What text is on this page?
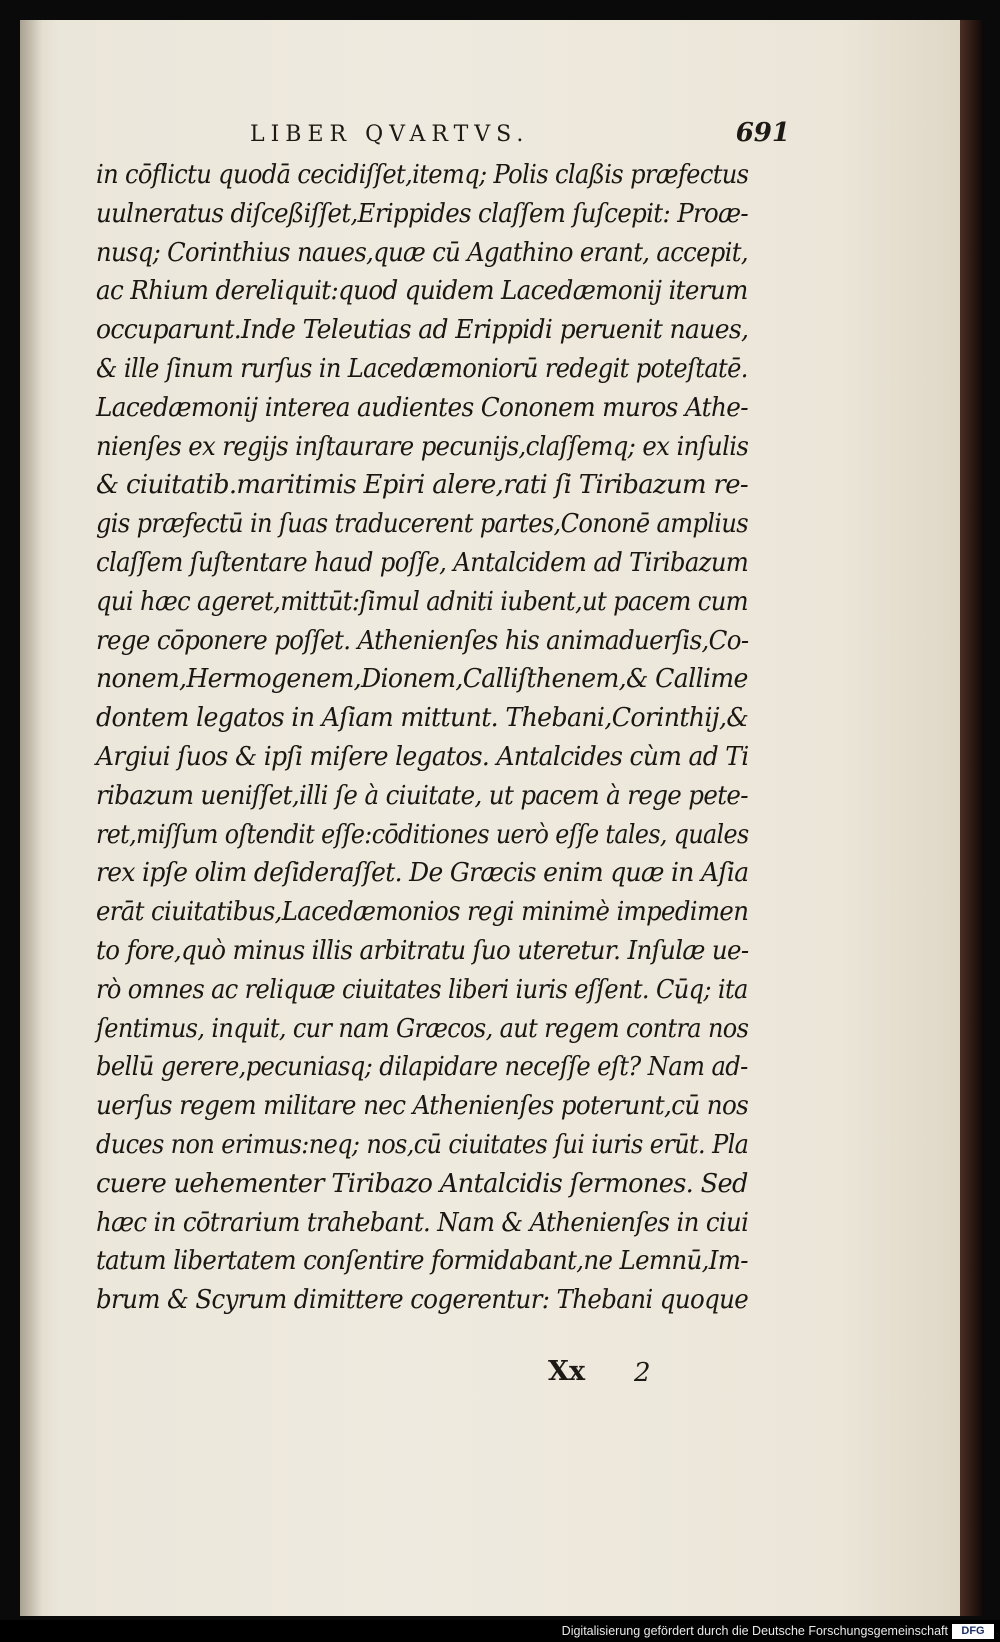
LIBER QVARTVS.	691
in cōflictu quodā cecidiſſet,itemq; Polis claßis præfectus
uulneratus diſceßiſſet,Erippides claſſem ſuſcepit: Proæ-
nusq; Corinthius naues,quæ cū Agathino erant, accepit,
ac Rhium dereliquit:quod quidem Lacedæmonij iterum
occuparunt.Inde Teleutias ad Erippidi peruenit naues,
& ille ſinum rurſus in Lacedæmoniorū redegit poteſtatē.
Lacedæmonij interea audientes Cononem muros Athe-
nienſes ex regijs inſtaurare pecunijs,claſſemq; ex inſulis
& ciuitatib.maritimis Epiri alere,rati ſi Tiribazum re-
gis præfectū in ſuas traducerent partes,Cononē amplius
claſſem ſuſtentare haud poſſe, Antalcidem ad Tiribazum
qui hæc ageret,mittūt:ſimul adniti iubent,ut pacem cum
rege cōponere poſſet. Athenienſes his animaduerſis,Co-
nonem,Hermogenem,Dionem,Calliſthenem,& Callime
dontem legatos in Aſiam mittunt. Thebani,Corinthij,&
Argiui ſuos & ipſi miſere legatos. Antalcides cùm ad Ti
ribazum ueniſſet,illi ſe à ciuitate, ut pacem à rege pete-
ret,miſſum oſtendit eſſe:cōditiones uerò eſſe tales, quales
rex ipſe olim deſideraſſet. De Græcis enim quæ in Aſia
erāt ciuitatibus,Lacedæmonios regi minimè impedimen
to fore,quò minus illis arbitratu ſuo uteretur. Inſulæ ue-
rò omnes ac reliquæ ciuitates liberi iuris eſſent. Cūq; ita
ſentimus, inquit, cur nam Græcos, aut regem contra nos
bellū gerere,pecuniasq; dilapidare neceſſe eſt? Nam ad-
uerſus regem militare nec Athenienſes poterunt,cū nos
duces non erimus:neq; nos,cū ciuitates ſui iuris erūt. Pla
cuere uehementer Tiribazo Antalcidis ſermones. Sed
hæc in cōtrarium trahebant. Nam & Athenienſes in ciui
tatum libertatem conſentire formidabant,ne Lemnū,Im-
brum & Scyrum dimittere cogerentur: Thebani quoque
Xx 2
Digitalisierung gefördert durch die Deutsche Forschungsgemeinschaft	DFG
